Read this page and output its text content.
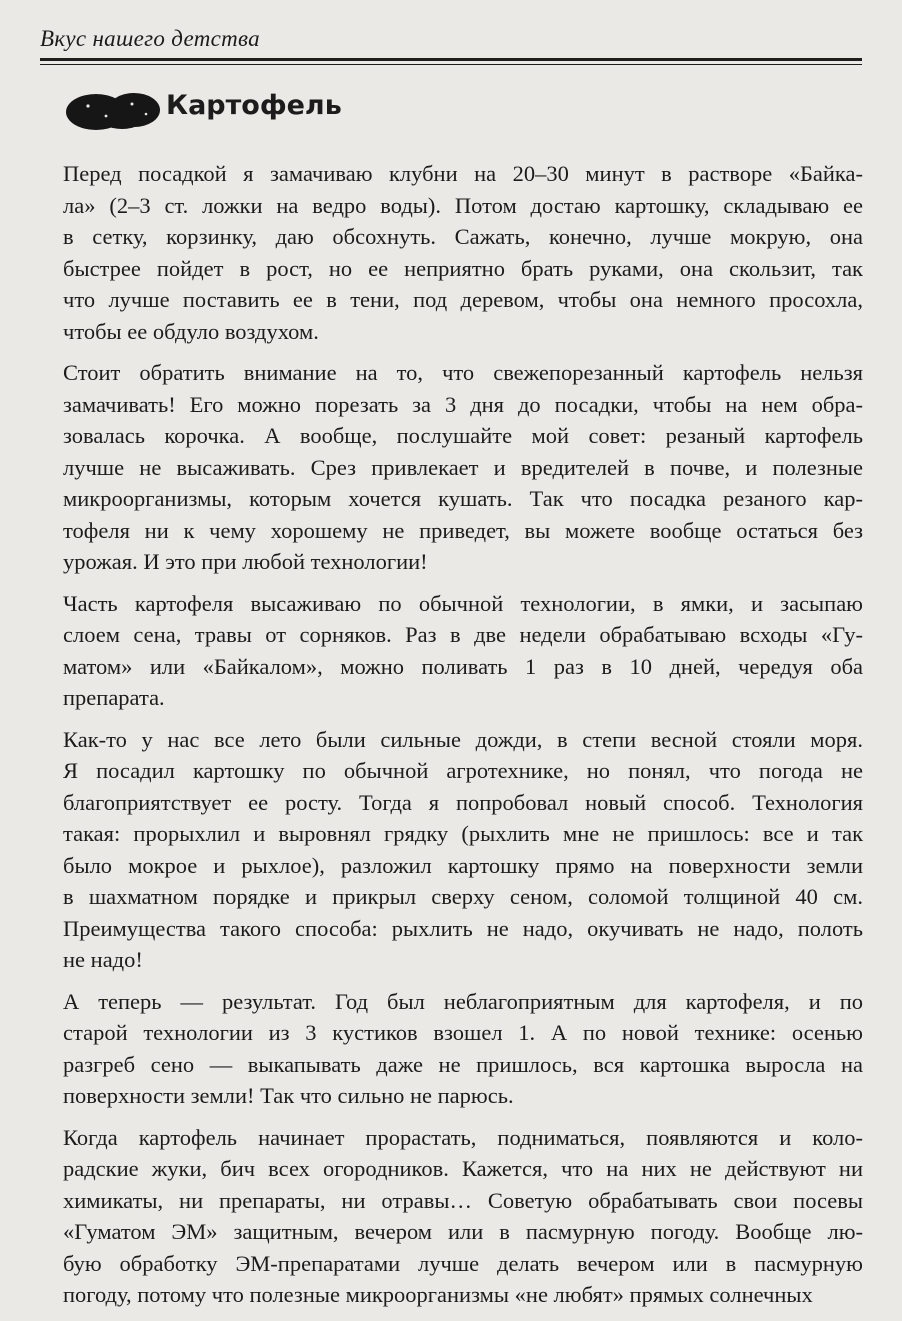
Вкус нашего детства
Картофель
Перед посадкой я замачиваю клубни на 20–30 минут в растворе «Байка-
ла» (2–3 ст. ложки на ведро воды). Потом достаю картошку, складываю ее
в сетку, корзинку, даю обсохнуть. Сажать, конечно, лучше мокрую, она
быстрее пойдет в рост, но ее неприятно брать руками, она скользит, так
что лучше поставить ее в тени, под деревом, чтобы она немного просохла,
чтобы ее обдуло воздухом.
Стоит обратить внимание на то, что свежепорезанный картофель нельзя
замачивать! Его можно порезать за 3 дня до посадки, чтобы на нем обра-
зовалась корочка. А вообще, послушайте мой совет: резаный картофель
лучше не высаживать. Срез привлекает и вредителей в почве, и полезные
микроорганизмы, которым хочется кушать. Так что посадка резаного кар-
тофеля ни к чему хорошему не приведет, вы можете вообще остаться без
урожая. И это при любой технологии!
Часть картофеля высаживаю по обычной технологии, в ямки, и засыпаю
слоем сена, травы от сорняков. Раз в две недели обрабатываю всходы «Гу-
матом» или «Байкалом», можно поливать 1 раз в 10 дней, чередуя оба
препарата.
Как-то у нас все лето были сильные дожди, в степи весной стояли моря.
Я посадил картошку по обычной агротехнике, но понял, что погода не
благоприятствует ее росту. Тогда я попробовал новый способ. Технология
такая: прорыхлил и выровнял грядку (рыхлить мне не пришлось: все и так
было мокрое и рыхлое), разложил картошку прямо на поверхности земли
в шахматном порядке и прикрыл сверху сеном, соломой толщиной 40 см.
Преимущества такого способа: рыхлить не надо, окучивать не надо, полоть
не надо!
А теперь — результат. Год был неблагоприятным для картофеля, и по
старой технологии из 3 кустиков взошел 1. А по новой технике: осенью
разгреб сено — выкапывать даже не пришлось, вся картошка выросла на
поверхности земли! Так что сильно не парюсь.
Когда картофель начинает прорастать, подниматься, появляются и коло-
радские жуки, бич всех огородников. Кажется, что на них не действуют ни
химикаты, ни препараты, ни отравы… Советую обрабатывать свои посевы
«Гуматом ЭМ» защитным, вечером или в пасмурную погоду. Вообще лю-
бую обработку ЭМ-препаратами лучше делать вечером или в пасмурную
погоду, потому что полезные микроорганизмы «не любят» прямых солнечных
